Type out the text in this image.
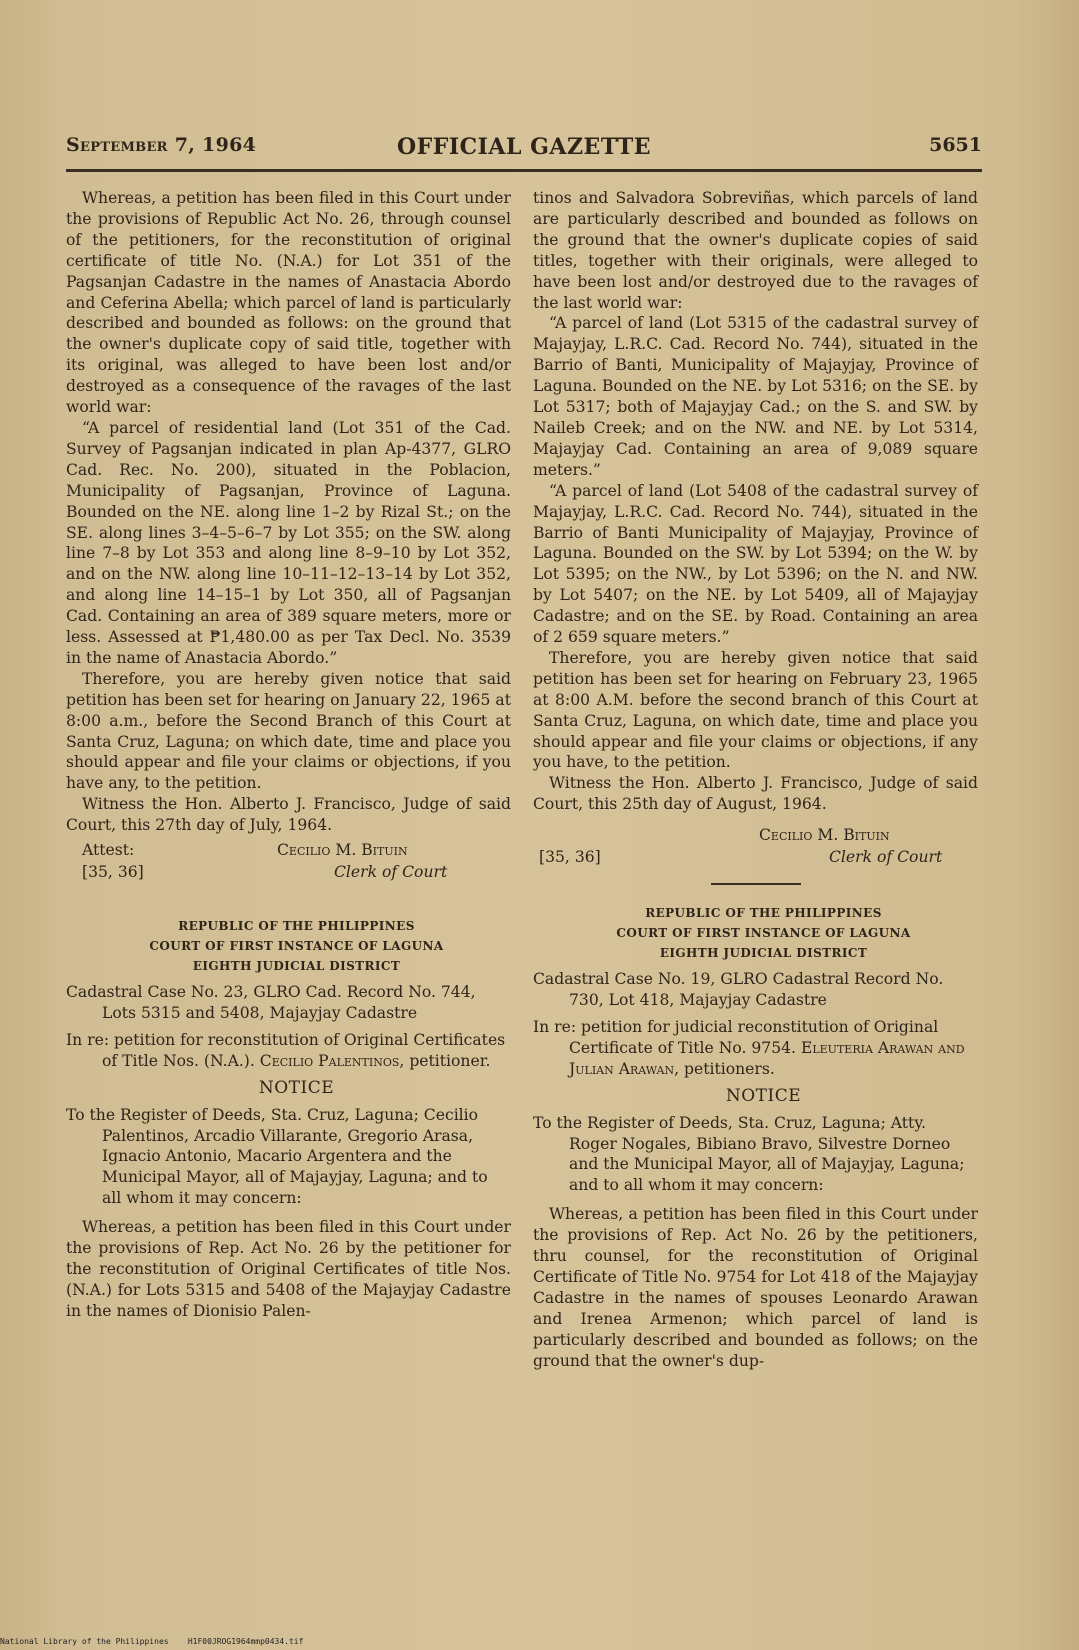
September 7, 1964	OFFICIAL GAZETTE	5651

Whereas, a petition has been filed in this Court under the provisions of Republic Act No. 26, through counsel of the petitioners, for the reconstitution of original certificate of title No. (N.A.) for Lot 351 of the Pagsanjan Cadastre in the names of Anastacia Abordo and Ceferina Abella; which parcel of land is particularly described and bounded as follows: on the ground that the owner's duplicate copy of said title, together with its original, was alleged to have been lost and/or destroyed as a consequence of the ravages of the last world war:

“A parcel of residential land (Lot 351 of the Cad. Survey of Pagsanjan indicated in plan Ap-4377, GLRO Cad. Rec. No. 200), situated in the Poblacion, Municipality of Pagsanjan, Province of Laguna. Bounded on the NE. along line 1–2 by Rizal St.; on the SE. along lines 3–4–5–6–7 by Lot 355; on the SW. along line 7–8 by Lot 353 and along line 8–9–10 by Lot 352, and on the NW. along line 10–11–12–13–14 by Lot 352, and along line 14–15–1 by Lot 350, all of Pagsanjan Cad. Containing an area of 389 square meters, more or less. Assessed at ₱1,480.00 as per Tax Decl. No. 3539 in the name of Anastacia Abordo.”

Therefore, you are hereby given notice that said petition has been set for hearing on January 22, 1965 at 8:00 a.m., before the Second Branch of this Court at Santa Cruz, Laguna; on which date, time and place you should appear and file your claims or objections, if you have any, to the petition.

Witness the Hon. Alberto J. Francisco, Judge of said Court, this 27th day of July, 1964.

Attest:	Cecilio M. Bituin
[35, 36]	Clerk of Court

REPUBLIC OF THE PHILIPPINES

COURT OF FIRST INSTANCE OF LAGUNA

EIGHTH JUDICIAL DISTRICT

Cadastral Case No. 23, GLRO Cad. Record No. 744, Lots 5315 and 5408, Majayjay Cadastre

In re: petition for reconstitution of Original Certificates of Title Nos. (N.A.). Cecilio Palentinos, petitioner.

NOTICE

To the Register of Deeds, Sta. Cruz, Laguna; Cecilio Palentinos, Arcadio Villarante, Gregorio Arasa, Ignacio Antonio, Macario Argentera and the Municipal Mayor, all of Majayjay, Laguna; and to all whom it may concern:

Whereas, a petition has been filed in this Court under the provisions of Rep. Act No. 26 by the petitioner for the reconstitution of Original Certificates of title Nos. (N.A.) for Lots 5315 and 5408 of the Majayjay Cadastre in the names of Dionisio Palen-

tinos and Salvadora Sobreviñas, which parcels of land are particularly described and bounded as follows on the ground that the owner's duplicate copies of said titles, together with their originals, were alleged to have been lost and/or destroyed due to the ravages of the last world war:

“A parcel of land (Lot 5315 of the cadastral survey of Majayjay, L.R.C. Cad. Record No. 744), situated in the Barrio of Banti, Municipality of Majayjay, Province of Laguna. Bounded on the NE. by Lot 5316; on the SE. by Lot 5317; both of Majayjay Cad.; on the S. and SW. by Naileb Creek; and on the NW. and NE. by Lot 5314, Majayjay Cad. Containing an area of 9,089 square meters.”

“A parcel of land (Lot 5408 of the cadastral survey of Majayjay, L.R.C. Cad. Record No. 744), situated in the Barrio of Banti Municipality of Majayjay, Province of Laguna. Bounded on the SW. by Lot 5394; on the W. by Lot 5395; on the NW., by Lot 5396; on the N. and NW. by Lot 5407; on the NE. by Lot 5409, all of Majayjay Cadastre; and on the SE. by Road. Containing an area of 2 659 square meters.”

Therefore, you are hereby given notice that said petition has been set for hearing on February 23, 1965 at 8:00 A.M. before the second branch of this Court at Santa Cruz, Laguna, on which date, time and place you should appear and file your claims or objections, if any you have, to the petition.

Witness the Hon. Alberto J. Francisco, Judge of said Court, this 25th day of August, 1964.

Cecilio M. Bituin
[35, 36]	Clerk of Court

REPUBLIC OF THE PHILIPPINES

COURT OF FIRST INSTANCE OF LAGUNA

EIGHTH JUDICIAL DISTRICT

Cadastral Case No. 19, GLRO Cadastral Record No. 730, Lot 418, Majayjay Cadastre

In re: petition for judicial reconstitution of Original Certificate of Title No. 9754. Eleuteria Arawan and Julian Arawan, petitioners.

NOTICE

To the Register of Deeds, Sta. Cruz, Laguna; Atty. Roger Nogales, Bibiano Bravo, Silvestre Dorneo and the Municipal Mayor, all of Majayjay, Laguna; and to all whom it may concern:

Whereas, a petition has been filed in this Court under the provisions of Rep. Act No. 26 by the petitioners, thru counsel, for the reconstitution of Original Certificate of Title No. 9754 for Lot 418 of the Majayjay Cadastre in the names of spouses Leonardo Arawan and Irenea Armenon; which parcel of land is particularly described and bounded as follows; on the ground that the owner's dup-

National Library of the Philippines H1F00JROG1964mmp0434.tif
